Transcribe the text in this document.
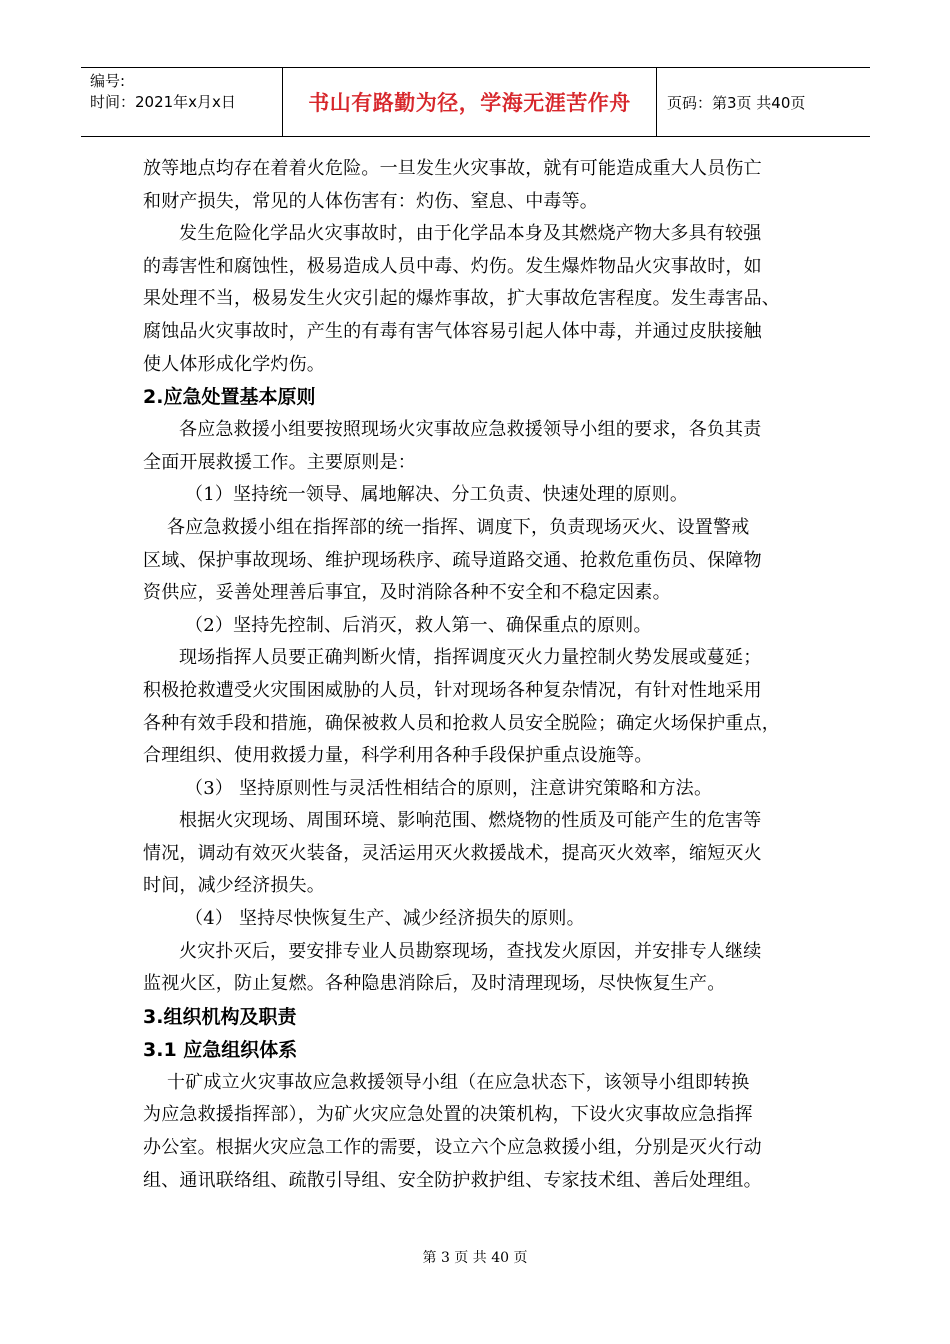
编号:
时间：2021年x月x日	书山有路勤为径，学海无涯苦作舟	页码：第3页 共40页
放等地点均存在着着火危险。一旦发生火灾事故，就有可能造成重大人员伤亡
和财产损失，常见的人体伤害有：灼伤、窒息、中毒等。
发生危险化学品火灾事故时，由于化学品本身及其燃烧产物大多具有较强
的毒害性和腐蚀性，极易造成人员中毒、灼伤。发生爆炸物品火灾事故时，如
果处理不当，极易发生火灾引起的爆炸事故，扩大事故危害程度。发生毒害品、
腐蚀品火灾事故时，产生的有毒有害气体容易引起人体中毒，并通过皮肤接触
使人体形成化学灼伤。
2.应急处置基本原则
各应急救援小组要按照现场火灾事故应急救援领导小组的要求，各负其责
全面开展救援工作。主要原则是：
（1）坚持统一领导、属地解决、分工负责、快速处理的原则。
各应急救援小组在指挥部的统一指挥、调度下，负责现场灭火、设置警戒
区域、保护事故现场、维护现场秩序、疏导道路交通、抢救危重伤员、保障物
资供应，妥善处理善后事宜，及时消除各种不安全和不稳定因素。
（2）坚持先控制、后消灭，救人第一、确保重点的原则。
现场指挥人员要正确判断火情，指挥调度灭火力量控制火势发展或蔓延；
积极抢救遭受火灾围困威胁的人员，针对现场各种复杂情况，有针对性地采用
各种有效手段和措施，确保被救人员和抢救人员安全脱险；确定火场保护重点，
合理组织、使用救援力量，科学利用各种手段保护重点设施等。
（3） 坚持原则性与灵活性相结合的原则，注意讲究策略和方法。
根据火灾现场、周围环境、影响范围、燃烧物的性质及可能产生的危害等
情况，调动有效灭火装备，灵活运用灭火救援战术，提高灭火效率，缩短灭火
时间，减少经济损失。
（4） 坚持尽快恢复生产、减少经济损失的原则。
火灾扑灭后，要安排专业人员勘察现场，查找发火原因，并安排专人继续
监视火区，防止复燃。各种隐患消除后，及时清理现场，尽快恢复生产。
3.组织机构及职责
3.1 应急组织体系
十矿成立火灾事故应急救援领导小组（在应急状态下，该领导小组即转换
为应急救援指挥部），为矿火灾应急处置的决策机构，下设火灾事故应急指挥
办公室。根据火灾应急工作的需要，设立六个应急救援小组，分别是灭火行动
组、通讯联络组、疏散引导组、安全防护救护组、专家技术组、善后处理组。
第 3 页 共 40 页
